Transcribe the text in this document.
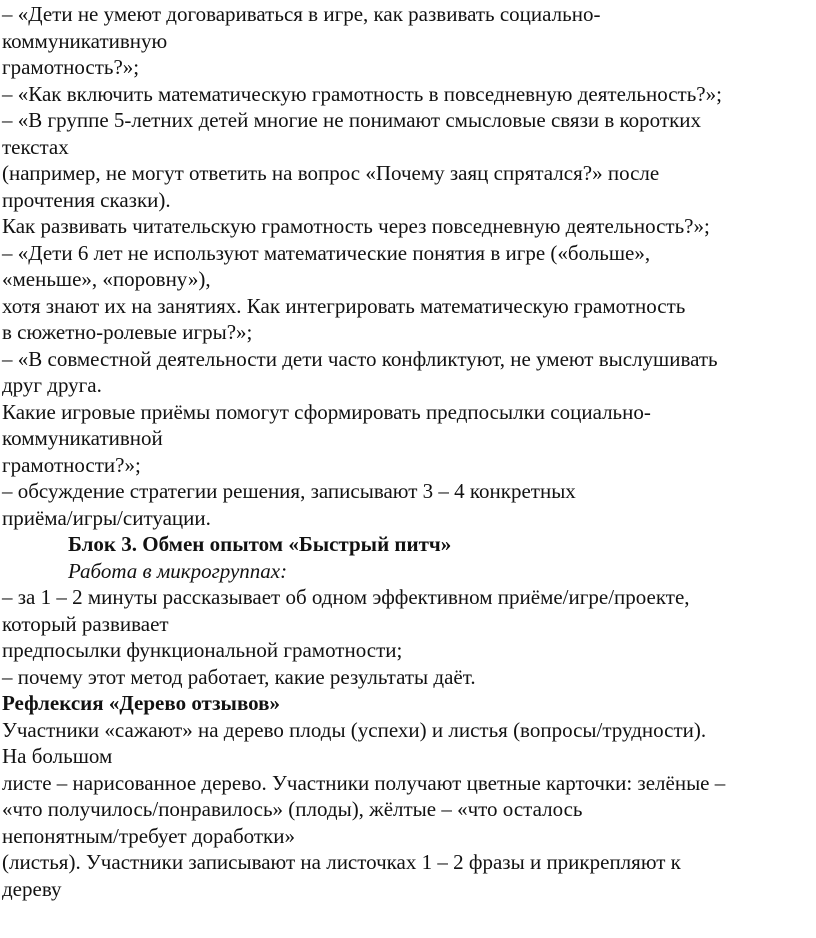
– «Дети не умеют договариваться в игре, как развивать социально-
коммуникативную
грамотность?»;
– «Как включить математическую грамотность в повседневную деятельность?»;
– «В группе 5-летних детей многие не понимают смысловые связи в коротких
текстах
(например, не могут ответить на вопрос «Почему заяц спрятался?» после
прочтения сказки).
Как развивать читательскую грамотность через повседневную деятельность?»;
– «Дети 6 лет не используют математические понятия в игре («больше»,
«меньше», «поровну»),
хотя знают их на занятиях. Как интегрировать математическую грамотность
в сюжетно-ролевые игры?»;
– «В совместной деятельности дети часто конфликтуют, не умеют выслушивать
друг друга.
Какие игровые приёмы помогут сформировать предпосылки социально-
коммуникативной
грамотности?»;
– обсуждение стратегии решения, записывают 3 – 4 конкретных
приёма/игры/ситуации.
Блок 3. Обмен опытом «Быстрый питч»
Работа в микрогруппах:
– за 1 – 2 минуты рассказывает об одном эффективном приёме/игре/проекте,
который развивает
предпосылки функциональной грамотности;
– почему этот метод работает, какие результаты даёт.
Рефлексия «Дерево отзывов»
Участники «сажают» на дерево плоды (успехи) и листья (вопросы/трудности).
На большом
листе – нарисованное дерево. Участники получают цветные карточки: зелёные –
«что получилось/понравилось» (плоды), жёлтые – «что осталось
непонятным/требует доработки»
(листья). Участники записывают на листочках 1 – 2 фразы и прикрепляют к
дереву
